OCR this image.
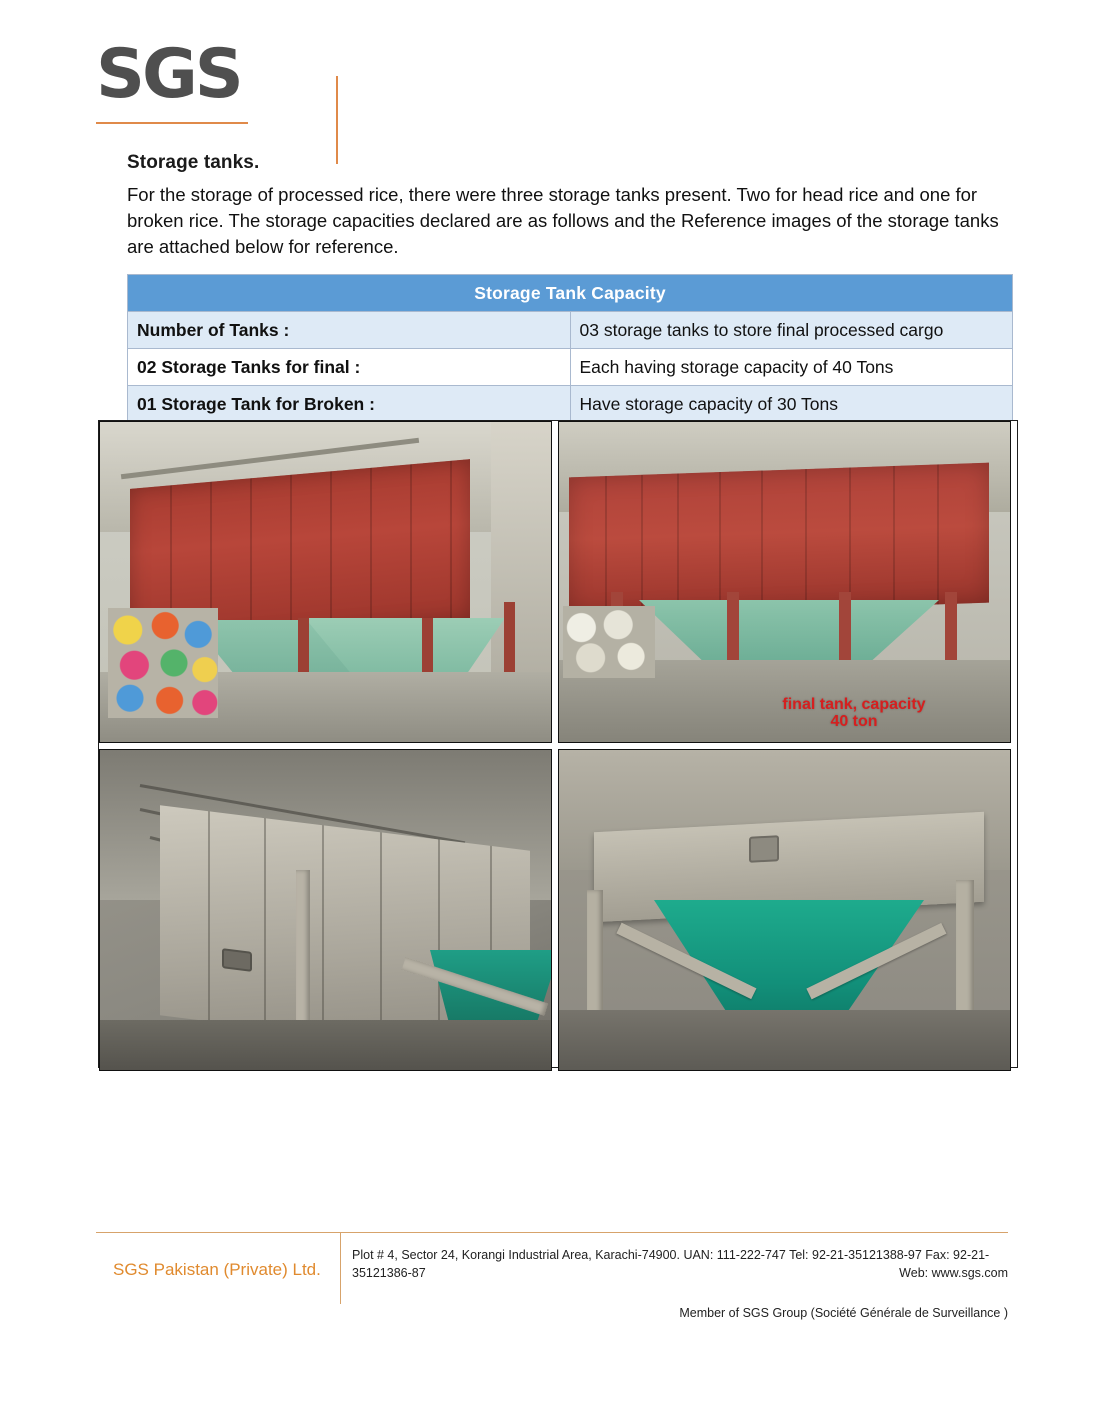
SGS
Storage tanks.

For the storage of processed rice, there were three storage tanks present. Two for head rice and one for broken rice. The storage capacities declared are as follows and the Reference images of the storage tanks are attached below for reference.

Storage Tank Capacity	
Number of Tanks :	03 storage tanks to store final processed cargo
02 Storage Tanks for final :	Each having storage capacity of 40 Tons
01 Storage Tank for Broken :	Have storage capacity of 30 Tons
final tank, capacity
40 ton
SGS Pakistan (Private) Ltd.
Plot # 4, Sector 24, Korangi Industrial Area, Karachi-74900. UAN: 111-222-747 Tel: 92-21-35121388-97 Fax: 92-21-35121386-87	Web: www.sgs.com
Member of SGS Group (Société Générale de Surveillance )
